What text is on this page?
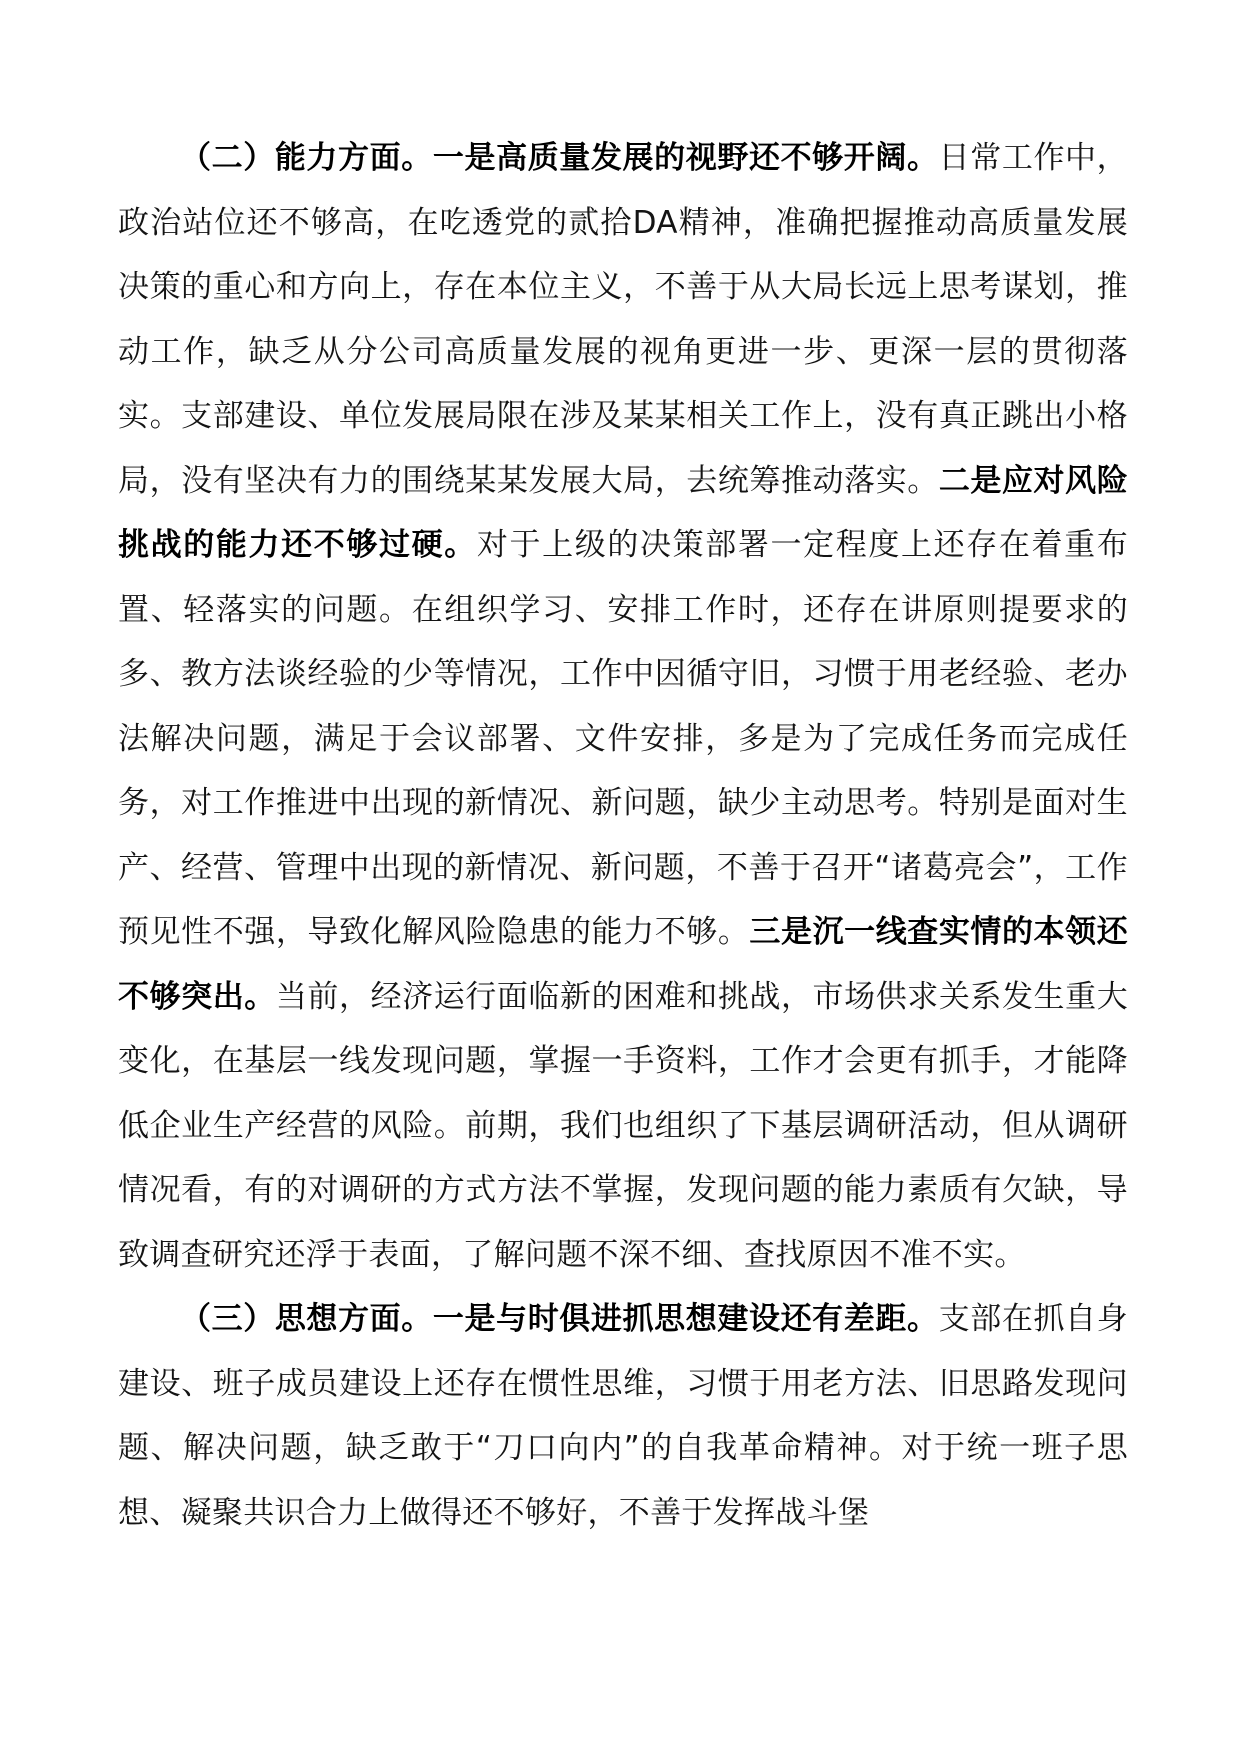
（二）能力方面。一是高质量发展的视野还不够开阔。日常工作中，政治站位还不够高，在吃透党的贰拾DA精神，准确把握推动高质量发展决策的重心和方向上，存在本位主义，不善于从大局长远上思考谋划，推动工作，缺乏从分公司高质量发展的视角更进一步、更深一层的贯彻落实。支部建设、单位发展局限在涉及某某相关工作上，没有真正跳出小格局，没有坚决有力的围绕某某发展大局，去统筹推动落实。二是应对风险挑战的能力还不够过硬。对于上级的决策部署一定程度上还存在着重布置、轻落实的问题。在组织学习、安排工作时，还存在讲原则提要求的多、教方法谈经验的少等情况，工作中因循守旧，习惯于用老经验、老办法解决问题，满足于会议部署、文件安排，多是为了完成任务而完成任务，对工作推进中出现的新情况、新问题，缺少主动思考。特别是面对生产、经营、管理中出现的新情况、新问题，不善于召开“诸葛亮会”，工作预见性不强，导致化解风险隐患的能力不够。三是沉一线查实情的本领还不够突出。当前，经济运行面临新的困难和挑战，市场供求关系发生重大变化，在基层一线发现问题，掌握一手资料，工作才会更有抓手，才能降低企业生产经营的风险。前期，我们也组织了下基层调研活动，但从调研情况看，有的对调研的方式方法不掌握，发现问题的能力素质有欠缺，导致调查研究还浮于表面，了解问题不深不细、查找原因不准不实。

（三）思想方面。一是与时俱进抓思想建设还有差距。支部在抓自身建设、班子成员建设上还存在惯性思维，习惯于用老方法、旧思路发现问题、解决问题，缺乏敢于“刀口向内”的自我革命精神。对于统一班子思想、凝聚共识合力上做得还不够好，不善于发挥战斗堡
